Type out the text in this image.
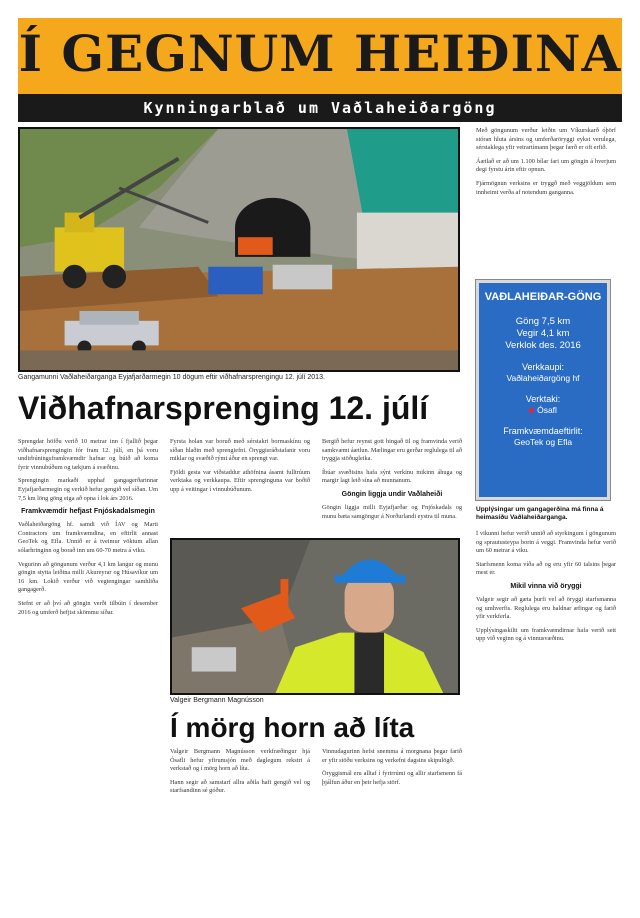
Í GEGNUM HEIÐINA
Kynningarblað um Vaðlaheiðargöng
Gangamunni Vaðlaheiðarganga Eyjafjarðarmegin 10 dögum eftir viðhafnarsprengingu 12. júlí 2013.
Viðhafnarsprenging 12. júlí

Sprengdar höfðu verið 10 metrar inn í fjallið þegar viðhafnarsprengingin fór fram 12. júlí, en þá voru undirbúningsframkvæmdir hafnar og búið að koma fyrir vinnubúðum og tækjum á svæðinu.

Sprengingin markaði upphaf gangagerðarinnar Eyjafjarðarmegin og verkið hefur gengið vel síðan. Um 7,5 km löng göng eiga að opna í lok árs 2016.

Framkvæmdir hefjast Fnjóskadalsmegin

Vaðlaheiðargöng hf. samdi við ÍAV og Marti Contractors um framkvæmdina, en eftirlit annast GeoTek og Efla. Unnið er á tveimur vöktum allan sólarhringinn og borað inn um 60-70 metra á viku.

Vegurinn að göngunum verður 4,1 km langur og munu göngin stytta leiðina milli Akureyrar og Húsavíkur um 16 km. Lokið verður við vegtengingar samhliða gangagerð.

Stefnt er að því að göngin verði tilbúin í desember 2016 og umferð hefjist skömmu síðar.

Fyrsta holan var boruð með sérstakri bormaskínu og síðan hlaðin með sprengiefni. Öryggisráðstafanir voru miklar og svæðið rýmt áður en sprengt var.

Fjöldi gesta var viðstaddur athöfnina ásamt fulltrúum verktaka og verkkaupa. Eftir sprenginguna var boðið upp á veitingar í vinnubúðunum.

Bergið hefur reynst gott hingað til og framvinda verið samkvæmt áætlun. Mælingar eru gerðar reglulega til að tryggja stöðugleika.

Íbúar svæðisins hafa sýnt verkinu mikinn áhuga og margir lagt leið sína að munnanum.

Göngin liggja undir Vaðlaheiði

Göngin liggja milli Eyjafjarðar og Fnjóskadals og munu bæta samgöngur á Norðurlandi eystra til muna.

Með göngunum verður leiðin um Víkurskarð óþörf stóran hluta ársins og umferðaröryggi eykst verulega, sérstaklega yfir vetrartímann þegar færð er oft erfið.

Áætlað er að um 1.100 bílar fari um göngin á hverjum degi fyrstu árin eftir opnun.

Fjármögnun verksins er tryggð með veggjöldum sem innheimt verða af notendum ganganna.

VAÐLAHEIÐAR-GÖNG
Göng 7,5 km
Vegir 4,1 km
Verklok des. 2016
Verkkaupi:
Vaðlaheiðargöng hf
Verktaki:
Ósafl
Framkvæmdaeftirlit:
GeoTek og Efla
Upplýsingar um gangagerðina má finna á heimasíðu Vaðlaheiðarganga.
Valgeir Bergmann Magnússon
Í mörg horn að líta

Valgeir Bergmann Magnússon verkfræðingur hjá Ósafli hefur yfirumsjón með daglegum rekstri á verkstað og í mörg horn að líta.

Hann segir að samstarf allra aðila hafi gengið vel og starfsandinn sé góður.

Vinnudagurinn hefst snemma á morgnana þegar farið er yfir stöðu verksins og verkefni dagsins skipulögð.

Öryggismál eru alltaf í fyrirrúmi og allir starfsmenn fá þjálfun áður en þeir hefja störf.

Í vikunni hefur verið unnið að styrkingum í göngunum og sprautusteypa borin á veggi. Framvinda hefur verið um 60 metrar á viku.

Starfsmenn koma víða að og eru yfir 60 talsins þegar mest er.

Mikil vinna við öryggi

Valgeir segir að gæta þurfi vel að öryggi starfsmanna og umhverfis. Reglulega eru haldnar æfingar og farið yfir verkferla.

Upplýsingaskilti um framkvæmdirnar hafa verið sett upp við veginn og á vinnusvæðinu.
